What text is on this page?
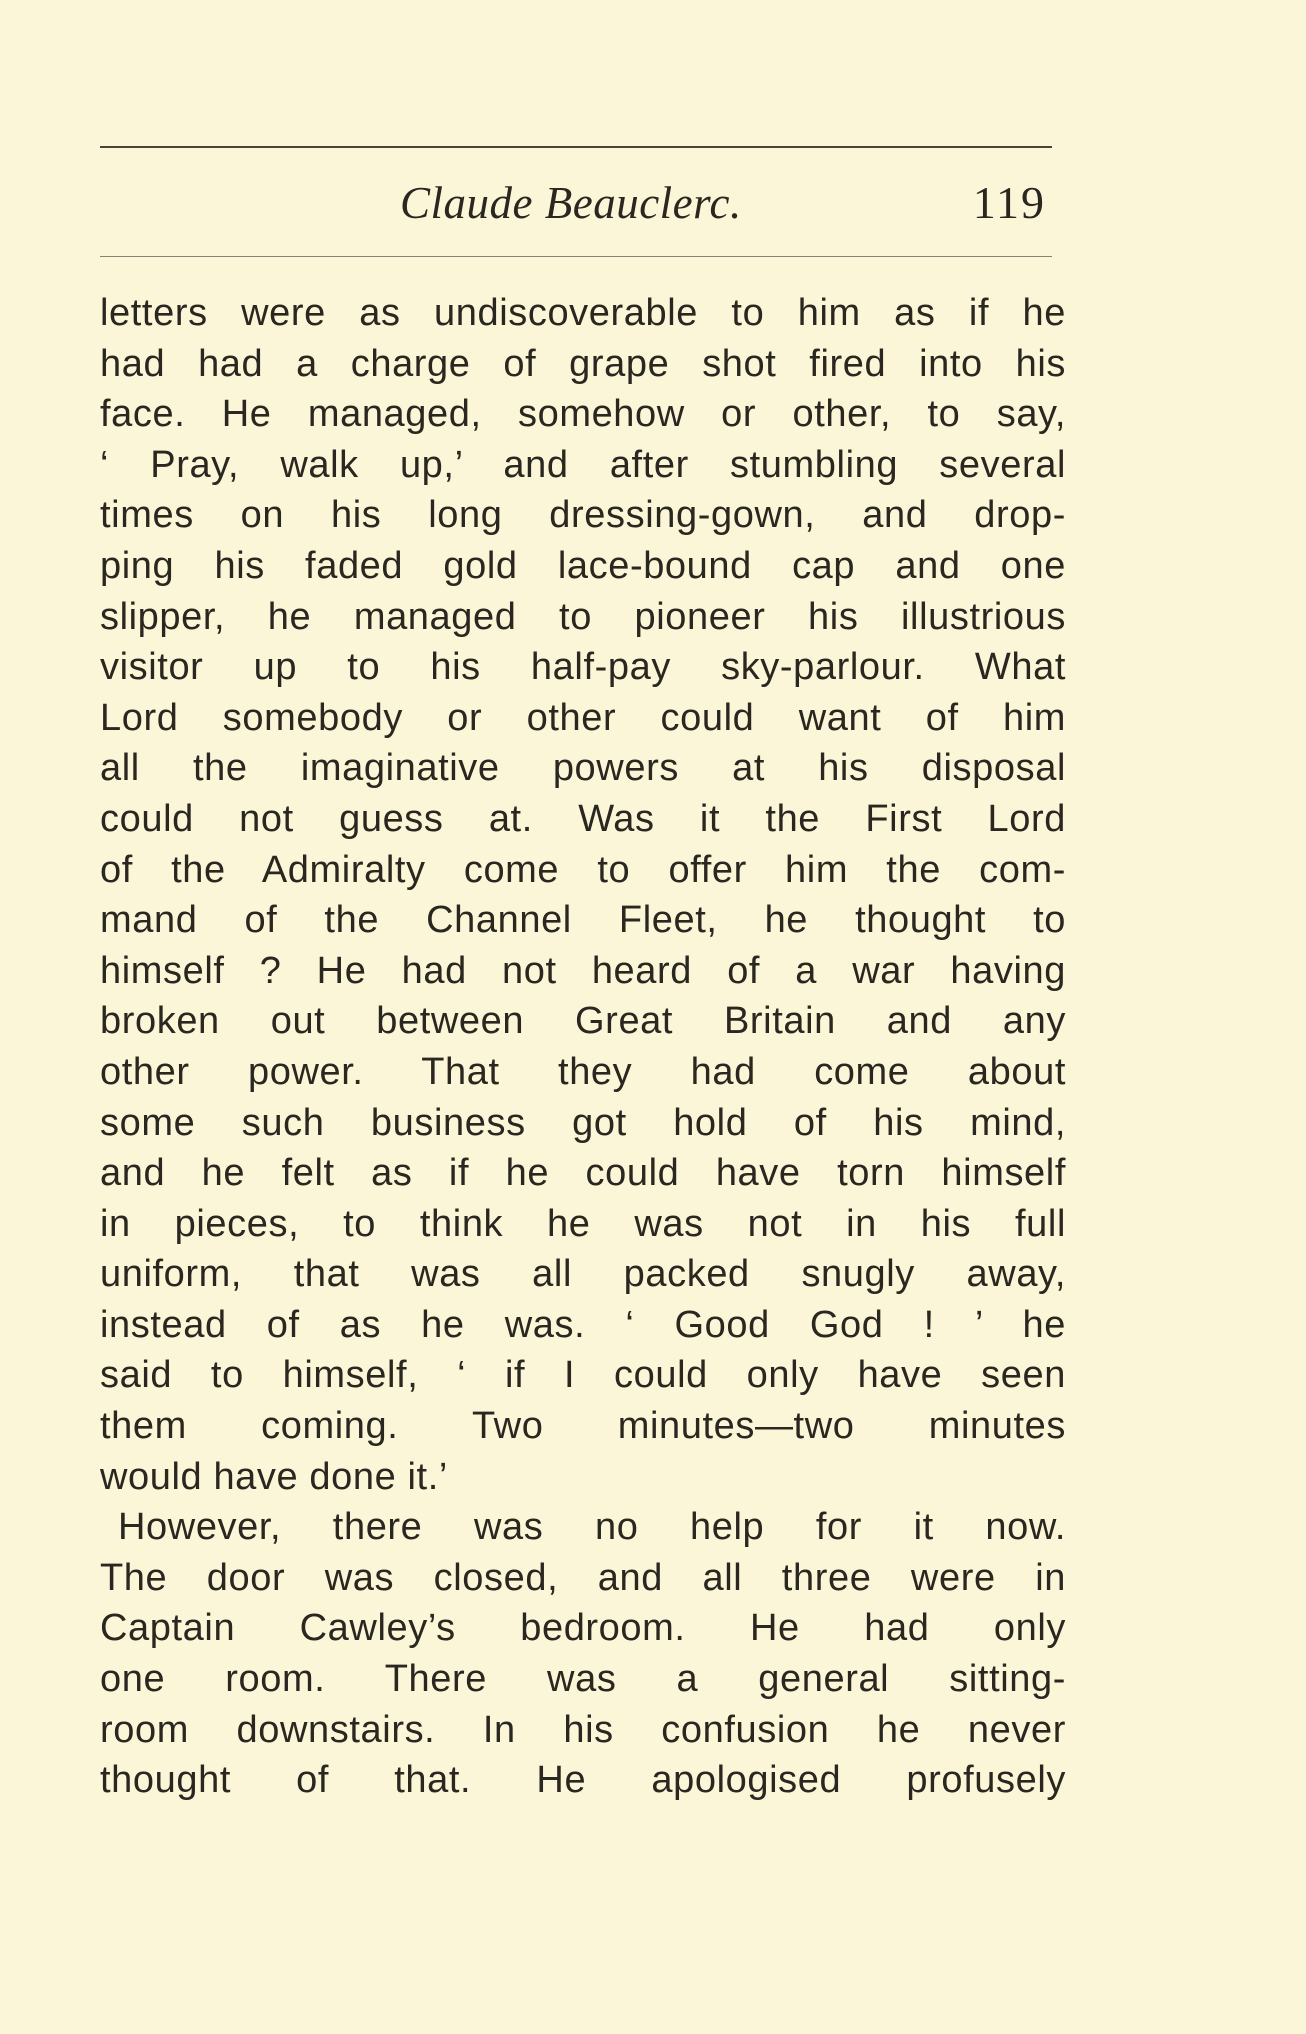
Claude Beauclerc.	119
letters were as undiscoverable to him as if he
had had a charge of grape shot fired into his
face. He managed, somehow or other, to say,
‘ Pray, walk up,’ and after stumbling several
times on his long dressing-gown, and drop-
ping his faded gold lace-bound cap and one
slipper, he managed to pioneer his illustrious
visitor up to his half-pay sky-parlour. What
Lord somebody or other could want of him
all the imaginative powers at his disposal
could not guess at. Was it the First Lord
of the Admiralty come to offer him the com-
mand of the Channel Fleet, he thought to
himself ? He had not heard of a war having
broken out between Great Britain and any
other power. That they had come about
some such business got hold of his mind,
and he felt as if he could have torn himself
in pieces, to think he was not in his full
uniform, that was all packed snugly away,
instead of as he was. ‘ Good God ! ’ he
said to himself, ‘ if I could only have seen
them coming. Two minutes—two minutes
would have done it.’
However, there was no help for it now.
The door was closed, and all three were in
Captain Cawley’s bedroom. He had only
one room. There was a general sitting-
room downstairs. In his confusion he never
thought of that. He apologised profusely
